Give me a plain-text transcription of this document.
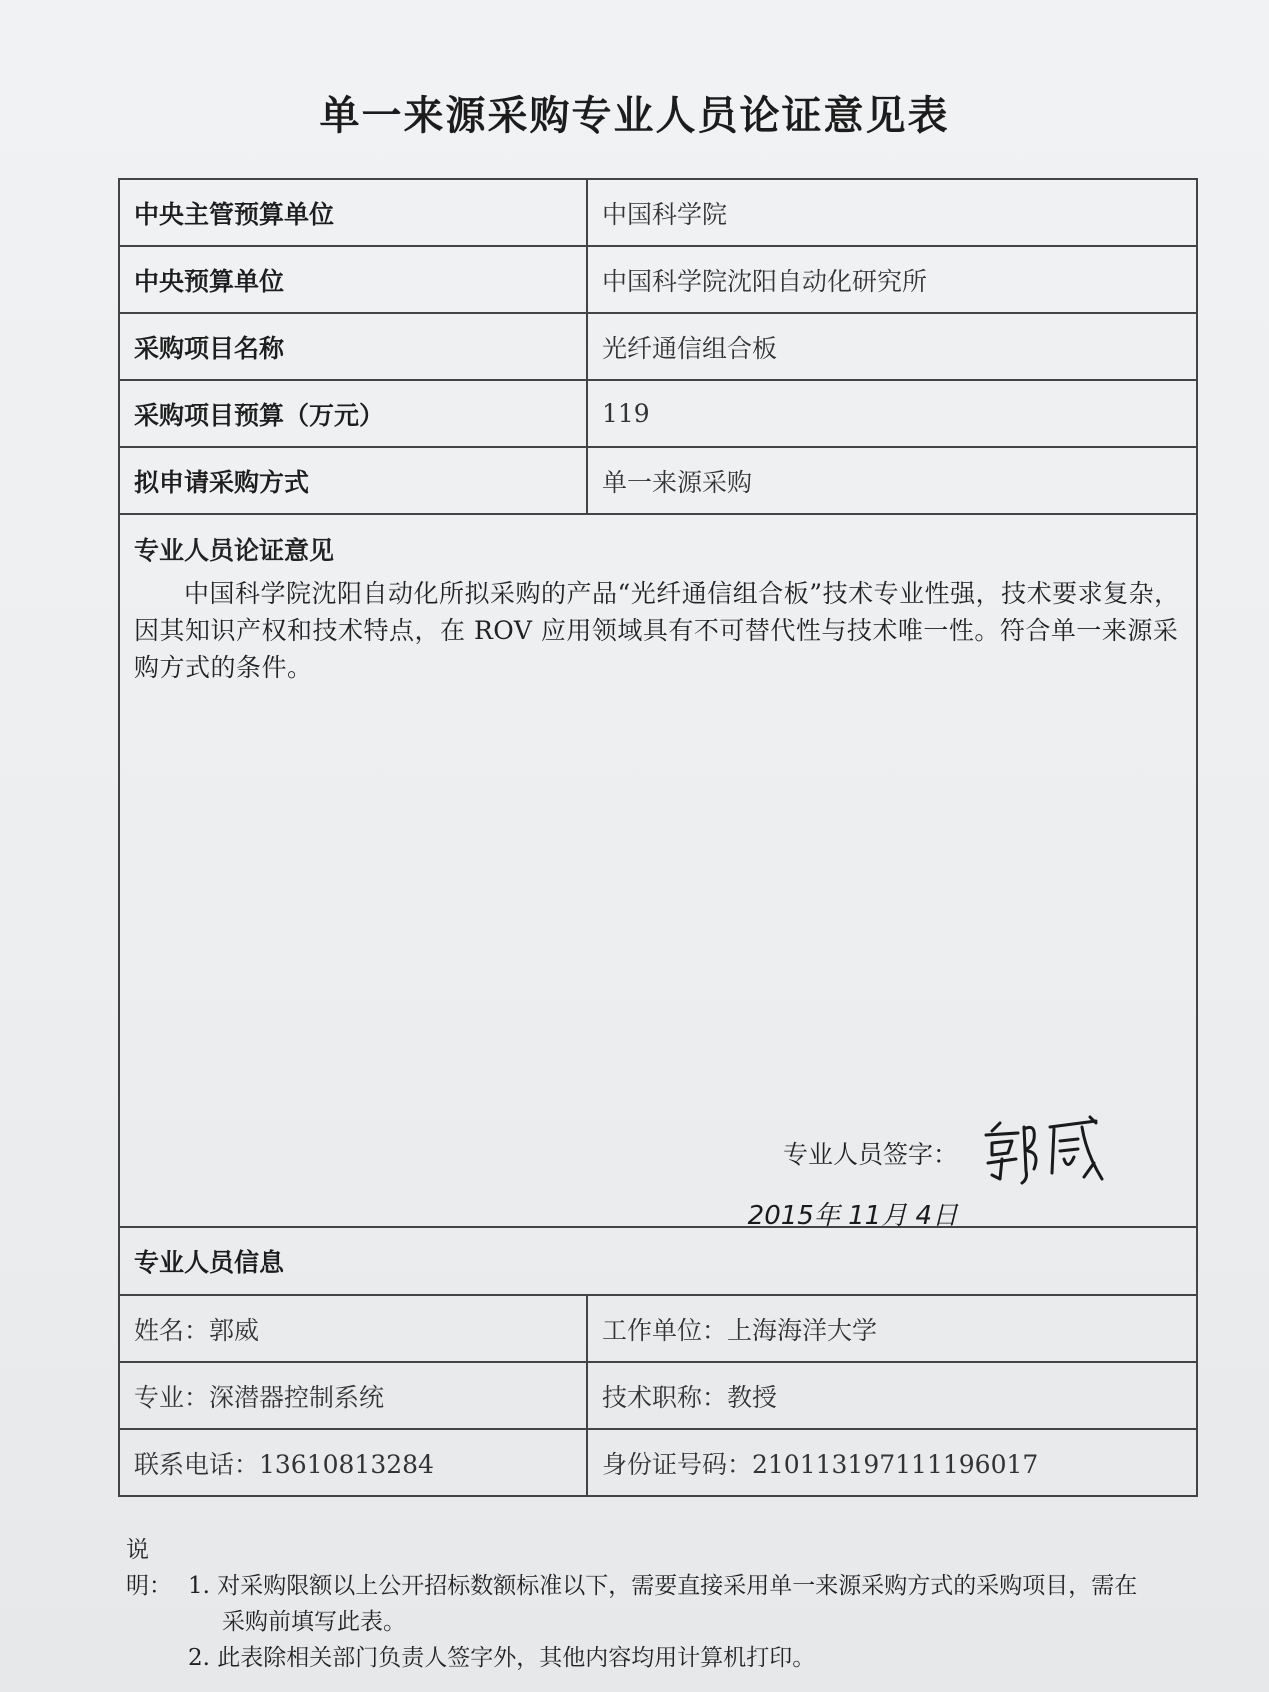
单一来源采购专业人员论证意见表
中央主管预算单位	中国科学院
中央预算单位	中国科学院沈阳自动化研究所
采购项目名称	光纤通信组合板
采购项目预算（万元）	119
拟申请采购方式	单一来源采购

专业人员论证意见
中国科学院沈阳自动化所拟采购的产品“光纤通信组合板”技术专业性强，技术要求复杂，因其知识产权和技术特点，在 ROV 应用领域具有不可替代性与技术唯一性。符合单一来源采购方式的条件。
专业人员签字：
2015年 11月 4日	

专业人员信息	
姓名：郭威	工作单位：上海海洋大学
专业：深潜器控制系统	技术职称：教授
联系电话：13610813284	身份证号码：210113197111196017
说明： 1. 对采购限额以上公开招标数额标准以下，需要直接采用单一来源采购方式的采购项目，需在
采购前填写此表。
2. 此表除相关部门负责人签字外，其他内容均用计算机打印。
